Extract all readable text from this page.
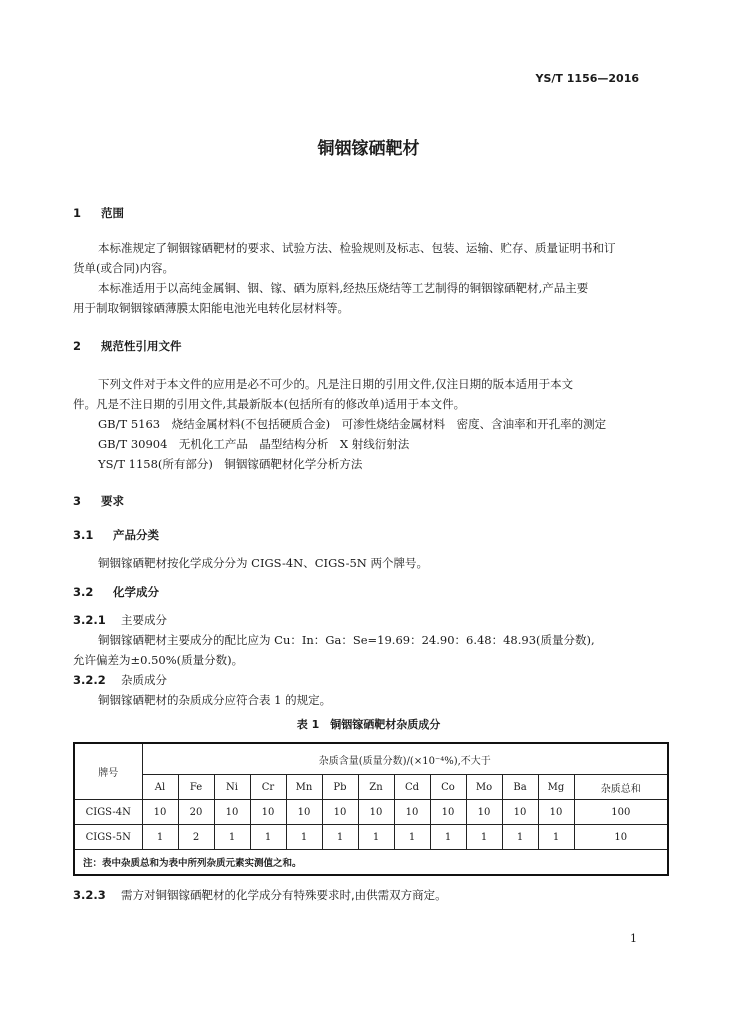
YS/T 1156—2016
铜铟镓硒靶材
1 范围
本标准规定了铜铟镓硒靶材的要求、试验方法、检验规则及标志、包装、运输、贮存、质量证明书和订
货单(或合同)内容。
本标准适用于以高纯金属铜、铟、镓、硒为原料,经热压烧结等工艺制得的铜铟镓硒靶材,产品主要
用于制取铜铟镓硒薄膜太阳能电池光电转化层材料等。
2 规范性引用文件
下列文件对于本文件的应用是必不可少的。凡是注日期的引用文件,仅注日期的版本适用于本文
件。凡是不注日期的引用文件,其最新版本(包括所有的修改单)适用于本文件。
GB/T 5163　烧结金属材料(不包括硬质合金)　可渗性烧结金属材料　密度、含油率和开孔率的测定
GB/T 30904　无机化工产品　晶型结构分析　X 射线衍射法
YS/T 1158(所有部分)　铜铟镓硒靶材化学分析方法
3 要求
3.1 产品分类
铜铟镓硒靶材按化学成分分为 CIGS-4N、CIGS-5N 两个牌号。
3.2 化学成分
3.2.1 主要成分
铜铟镓硒靶材主要成分的配比应为 Cu：In：Ga：Se=19.69：24.90：6.48：48.93(质量分数),
允许偏差为±0.50%(质量分数)。
3.2.2 杂质成分
铜铟镓硒靶材的杂质成分应符合表 1 的规定。
表 1　铜铟镓硒靶材杂质成分
牌号	杂质含量(质量分数)/(×10⁻⁴%),不大于												
	Al	Fe	Ni	Cr	Mn	Pb	Zn	Cd	Co	Mo	Ba	Mg	杂质总和
CIGS-4N	10	20	10	10	10	10	10	10	10	10	10	10	100
CIGS-5N	1	2	1	1	1	1	1	1	1	1	1	1	10
注：表中杂质总和为表中所列杂质元素实测值之和。													
3.2.3 需方对铜铟镓硒靶材的化学成分有特殊要求时,由供需双方商定。
1
